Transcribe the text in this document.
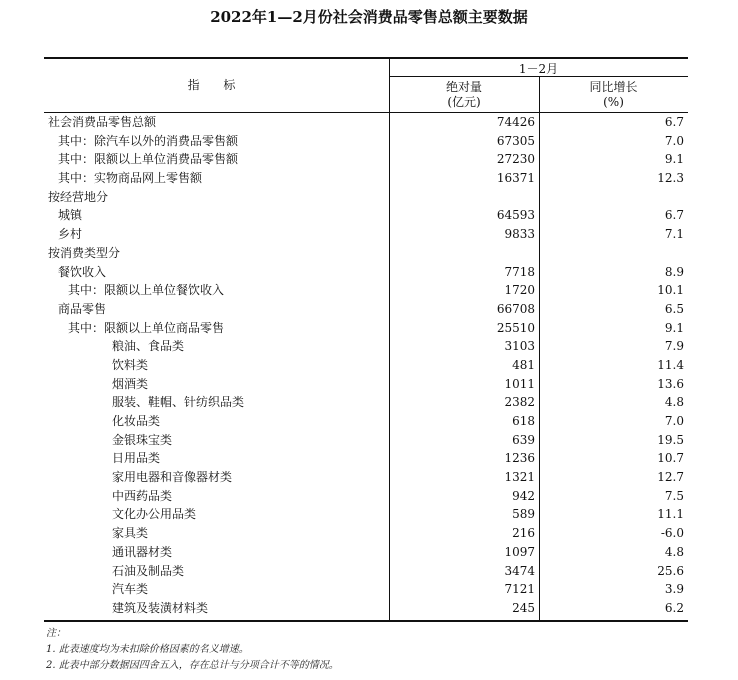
2022年1—2月份社会消费品零售总额主要数据
指 标
1－2月
绝对量
(亿元)
同比增长
(%)
社会消费品零售总额	74426	6.7
其中：除汽车以外的消费品零售额	67305	7.0
其中：限额以上单位消费品零售额	27230	9.1
其中：实物商品网上零售额	16371	12.3
按经营地分
城镇	64593	6.7
乡村	9833	7.1
按消费类型分
餐饮收入	7718	8.9
其中：限额以上单位餐饮收入	1720	10.1
商品零售	66708	6.5
其中：限额以上单位商品零售	25510	9.1
粮油、食品类	3103	7.9
饮料类	481	11.4
烟酒类	1011	13.6
服装、鞋帽、针纺织品类	2382	4.8
化妆品类	618	7.0
金银珠宝类	639	19.5
日用品类	1236	10.7
家用电器和音像器材类	1321	12.7
中西药品类	942	7.5
文化办公用品类	589	11.1
家具类	216	-6.0
通讯器材类	1097	4.8
石油及制品类	3474	25.6
汽车类	7121	3.9
建筑及装潢材料类	245	6.2
注：
1. 此表速度均为未扣除价格因素的名义增速。
2. 此表中部分数据因四舍五入，存在总计与分项合计不等的情况。
